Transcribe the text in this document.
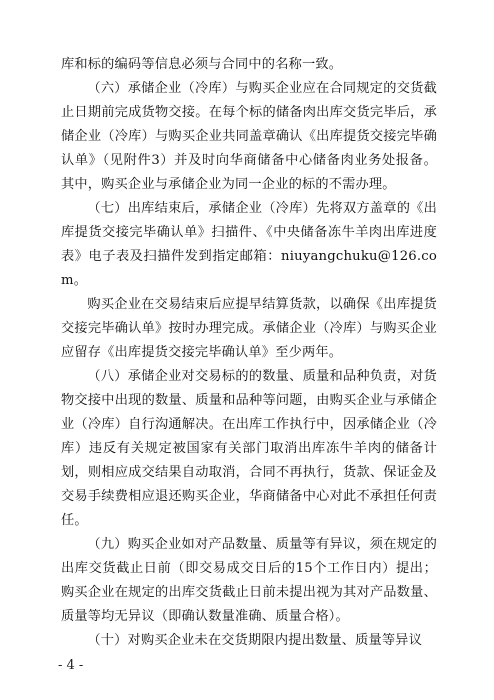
库和标的编码等信息必须与合同中的名称一致。

（六）承储企业（冷库）与购买企业应在合同规定的交货截止日期前完成货物交接。在每个标的储备肉出库交货完毕后，承储企业（冷库）与购买企业共同盖章确认《出库提货交接完毕确认单》（见附件3）并及时向华商储备中心储备肉业务处报备。其中，购买企业与承储企业为同一企业的标的不需办理。

（七）出库结束后，承储企业（冷库）先将双方盖章的《出库提货交接完毕确认单》扫描件、《中央储备冻牛羊肉出库进度表》电子表及扫描件发到指定邮箱：niuyangchuku@126.com。

购买企业在交易结束后应提早结算货款，以确保《出库提货交接完毕确认单》按时办理完成。承储企业（冷库）与购买企业应留存《出库提货交接完毕确认单》至少两年。

（八）承储企业对交易标的的数量、质量和品种负责，对货物交接中出现的数量、质量和品种等问题，由购买企业与承储企业（冷库）自行沟通解决。在出库工作执行中，因承储企业（冷库）违反有关规定被国家有关部门取消出库冻牛羊肉的储备计划，则相应成交结果自动取消，合同不再执行，货款、保证金及交易手续费相应退还购买企业，华商储备中心对此不承担任何责任。

（九）购买企业如对产品数量、质量等有异议，须在规定的出库交货截止日前（即交易成交日后的15个工作日内）提出；购买企业在规定的出库交货截止日前未提出视为其对产品数量、质量等均无异议（即确认数量准确、质量合格）。

（十）对购买企业未在交货期限内提出数量、质量等异议

- 4 -
